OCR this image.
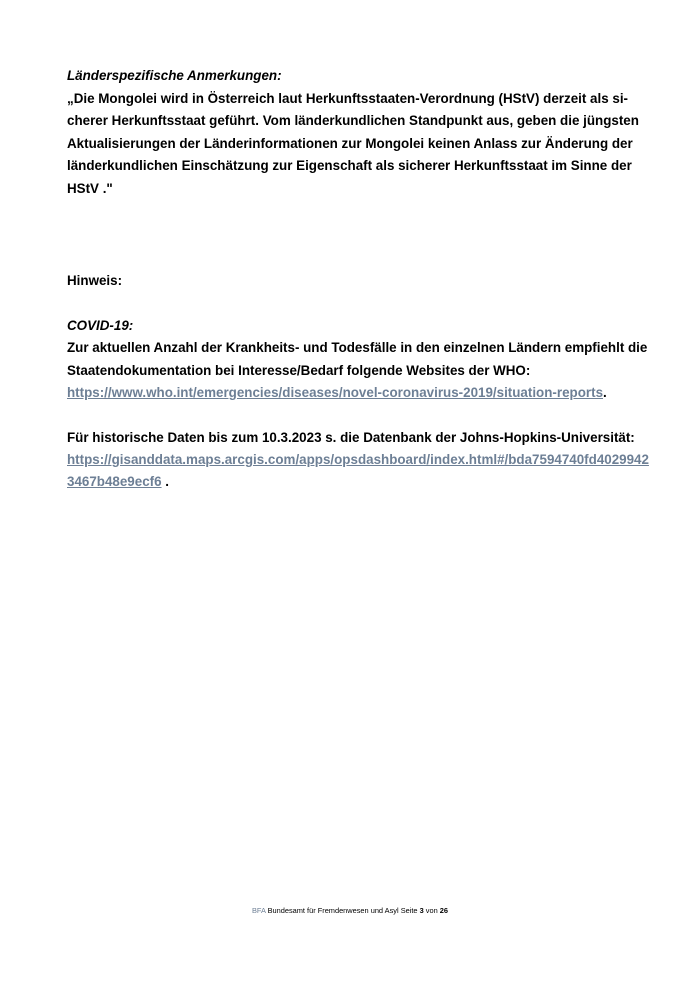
Länderspezifische Anmerkungen:
„Die Mongolei wird in Österreich laut Herkunftsstaaten-Verordnung (HStV) derzeit als si-
cherer Herkunftsstaat geführt. Vom länderkundlichen Standpunkt aus, geben die jüngsten
Aktualisierungen der Länderinformationen zur Mongolei keinen Anlass zur Änderung der
länderkundlichen Einschätzung zur Eigenschaft als sicherer Herkunftsstaat im Sinne der
HStV ."
Hinweis:
COVID-19:
Zur aktuellen Anzahl der Krankheits- und Todesfälle in den einzelnen Ländern empfiehlt die
Staatendokumentation bei Interesse/Bedarf folgende Websites der WHO:
https://www.who.int/emergencies/diseases/novel-coronavirus-2019/situation-reports.
Für historische Daten bis zum 10.3.2023 s. die Datenbank der Johns-Hopkins-Universität:
https://gisanddata.maps.arcgis.com/apps/opsdashboard/index.html#/bda7594740fd4029942
3467b48e9ecf6 .
BFA Bundesamt für Fremdenwesen und Asyl Seite 3 von 26
